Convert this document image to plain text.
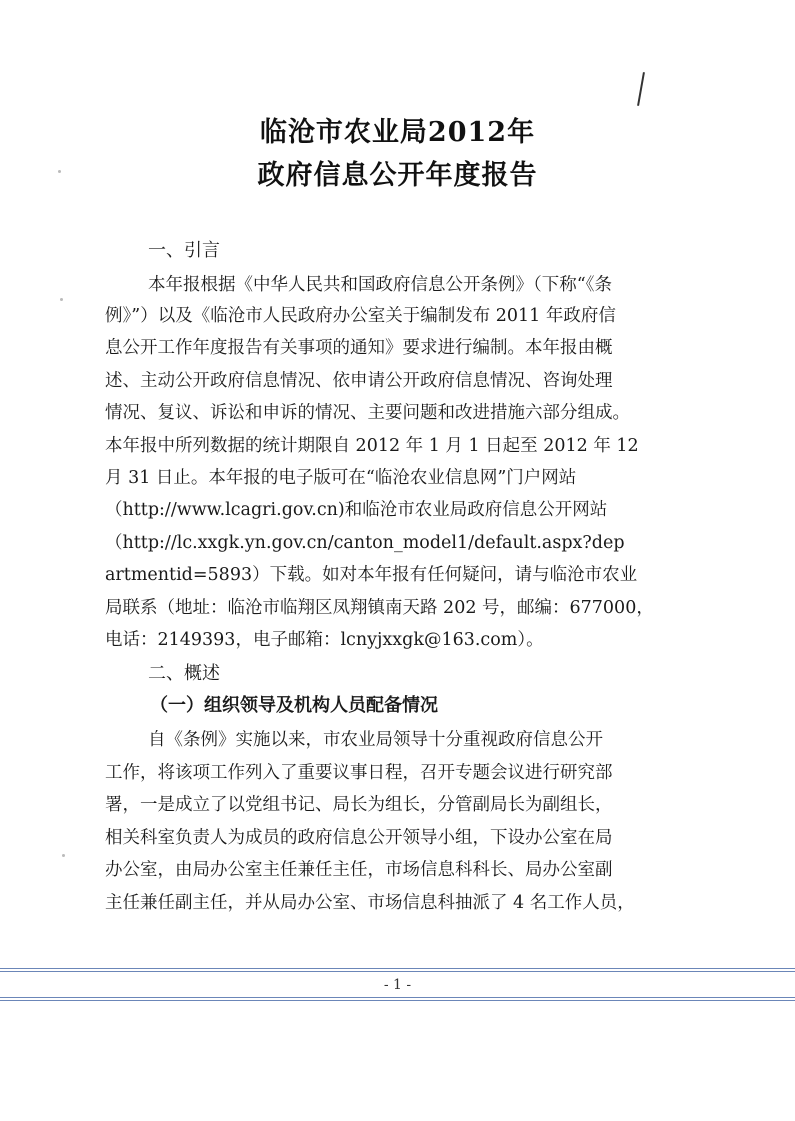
临沧市农业局2012年
政府信息公开年度报告
一、引言
本年报根据《中华人民共和国政府信息公开条例》（下称“《条
例》”）以及《临沧市人民政府办公室关于编制发布 2011 年政府信
息公开工作年度报告有关事项的通知》要求进行编制。本年报由概
述、主动公开政府信息情况、依申请公开政府信息情况、咨询处理
情况、复议、诉讼和申诉的情况、主要问题和改进措施六部分组成。
本年报中所列数据的统计期限自 2012 年 1 月 1 日起至 2012 年 12
月 31 日止。本年报的电子版可在“临沧农业信息网”门户网站
（http://www.lcagri.gov.cn)和临沧市农业局政府信息公开网站
（http://lc.xxgk.yn.gov.cn/canton_model1/default.aspx?dep
artmentid=5893）下载。如对本年报有任何疑问，请与临沧市农业
局联系（地址：临沧市临翔区凤翔镇南天路 202 号，邮编：677000，
电话：2149393，电子邮箱：lcnyjxxgk@163.com）。
二、概述
（一）组织领导及机构人员配备情况
自《条例》实施以来，市农业局领导十分重视政府信息公开
工作，将该项工作列入了重要议事日程，召开专题会议进行研究部
署，一是成立了以党组书记、局长为组长，分管副局长为副组长，
相关科室负责人为成员的政府信息公开领导小组，下设办公室在局
办公室，由局办公室主任兼任主任，市场信息科科长、局办公室副
主任兼任副主任，并从局办公室、市场信息科抽派了 4 名工作人员，
- 1 -
